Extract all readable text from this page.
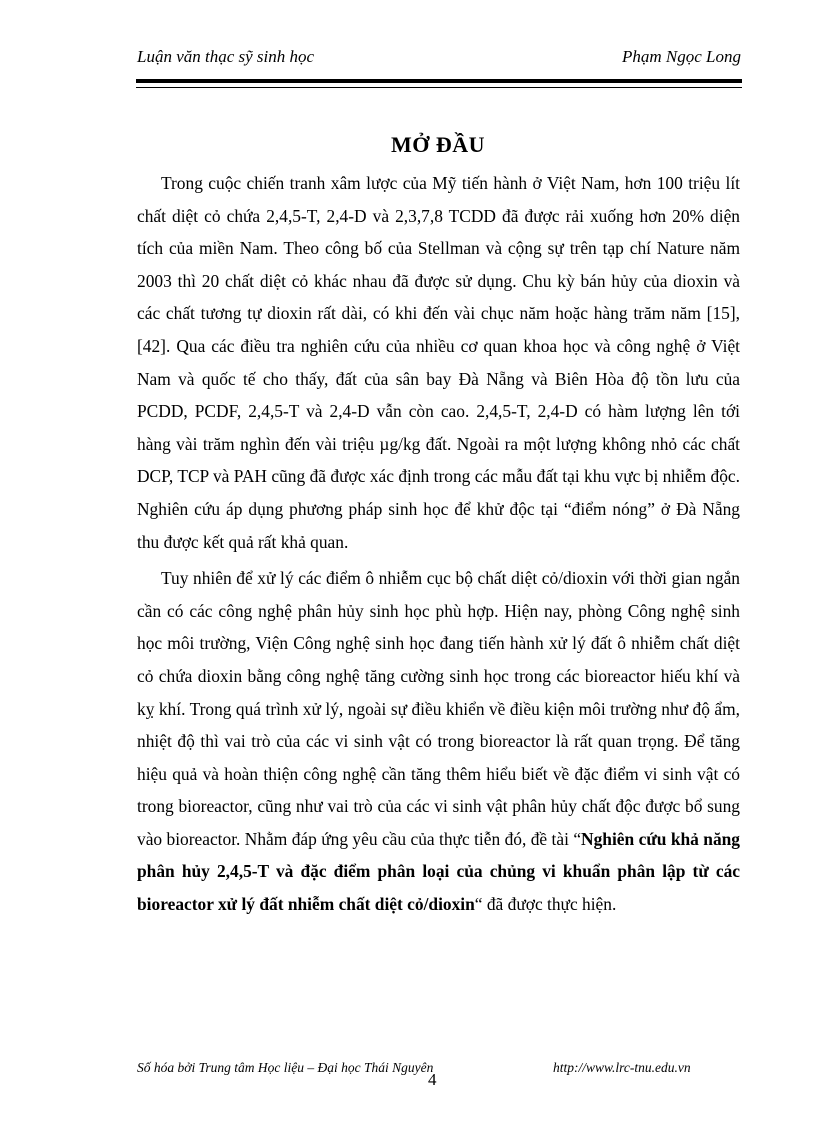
Luận văn thạc sỹ sinh học	Phạm Ngọc Long
MỞ ĐẦU

Trong cuộc chiến tranh xâm lược của Mỹ tiến hành ở Việt Nam, hơn 100 triệu lít chất diệt cỏ chứa 2,4,5-T, 2,4-D và 2,3,7,8 TCDD đã được rải xuống hơn 20% diện tích của miền Nam. Theo công bố của Stellman và cộng sự trên tạp chí Nature năm 2003 thì 20 chất diệt cỏ khác nhau đã được sử dụng. Chu kỳ bán hủy của dioxin và các chất tương tự dioxin rất dài, có khi đến vài chục năm hoặc hàng trăm năm [15],[42]. Qua các điều tra nghiên cứu của nhiều cơ quan khoa học và công nghệ ở Việt Nam và quốc tế cho thấy, đất của sân bay Đà Nẵng và Biên Hòa độ tồn lưu của PCDD, PCDF, 2,4,5-T và 2,4-D vẫn còn cao. 2,4,5-T, 2,4-D có hàm lượng lên tới hàng vài trăm nghìn đến vài triệu µg/kg đất. Ngoài ra một lượng không nhỏ các chất DCP, TCP và PAH cũng đã được xác định trong các mẫu đất tại khu vực bị nhiễm độc. Nghiên cứu áp dụng phương pháp sinh học để khử độc tại “điểm nóng” ở Đà Nẵng thu được kết quả rất khả quan.

Tuy nhiên để xử lý các điểm ô nhiễm cục bộ chất diệt cỏ/dioxin với thời gian ngắn cần có các công nghệ phân hủy sinh học phù hợp. Hiện nay, phòng Công nghệ sinh học môi trường, Viện Công nghệ sinh học đang tiến hành xử lý đất ô nhiễm chất diệt cỏ chứa dioxin bằng công nghệ tăng cường sinh học trong các bioreactor hiếu khí và kỵ khí. Trong quá trình xử lý, ngoài sự điều khiển về điều kiện môi trường như độ ẩm, nhiệt độ thì vai trò của các vi sinh vật có trong bioreactor là rất quan trọng. Để tăng hiệu quả và hoàn thiện công nghệ cần tăng thêm hiểu biết về đặc điểm vi sinh vật có trong bioreactor, cũng như vai trò của các vi sinh vật phân hủy chất độc được bổ sung vào bioreactor. Nhằm đáp ứng yêu cầu của thực tiễn đó, đề tài “Nghiên cứu khả năng phân hủy 2,4,5-T và đặc điểm phân loại của chủng vi khuẩn phân lập từ các bioreactor xử lý đất nhiễm chất diệt cỏ/dioxin“ đã được thực hiện.

Số hóa bởi Trung tâm Học liệu – Đại học Thái Nguyên	http://www.lrc-tnu.edu.vn
4
